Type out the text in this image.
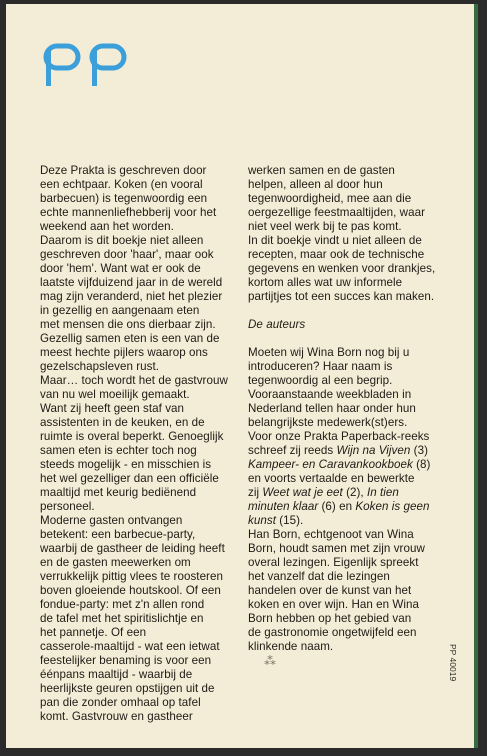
Deze Prakta is geschreven door

een echtpaar. Koken (en vooral

barbecuen) is tegenwoordig een

echte mannenliefhebberij voor het

weekend aan het worden.

Daarom is dit boekje niet alleen

geschreven door 'haar', maar ook

door 'hem'. Want wat er ook de

laatste vijfduizend jaar in de wereld

mag zijn veranderd, niet het plezier

in gezellig en aangenaam eten

met mensen die ons dierbaar zijn.

Gezellig samen eten is een van de

meest hechte pijlers waarop ons

gezelschapsleven rust.

Maar… toch wordt het de gastvrouw

van nu wel moeilijk gemaakt.

Want zij heeft geen staf van

assistenten in de keuken, en de

ruimte is overal beperkt. Genoeglijk

samen eten is echter toch nog

steeds mogelijk - en misschien is

het wel gezelliger dan een officiële

maaltijd met keurig bediënend

personeel.

Moderne gasten ontvangen

betekent: een barbecue-party,

waarbij de gastheer de leiding heeft

en de gasten meewerken om

verrukkelijk pittig vlees te roosteren

boven gloeiende houtskool. Of een

fondue-party: met z'n allen rond

de tafel met het spiritislichtje en

het pannetje. Of een

casserole-maaltijd - wat een ietwat

feestelijker benaming is voor een

éénpans maaltijd - waarbij de

heerlijkste geuren opstijgen uit de

pan die zonder omhaal op tafel

komt. Gastvrouw en gastheer

werken samen en de gasten

helpen, alleen al door hun

tegenwoordigheid, mee aan die

oergezellige feestmaaltijden, waar

niet veel werk bij te pas komt.

In dit boekje vindt u niet alleen de

recepten, maar ook de technische

gegevens en wenken voor drankjes,

kortom alles wat uw informele

partijtjes tot een succes kan maken.

De auteurs

Moeten wij Wina Born nog bij u

introduceren? Haar naam is

tegenwoordig al een begrip.

Vooraanstaande weekbladen in

Nederland tellen haar onder hun

belangrijkste medewerk(st)ers.

Voor onze Prakta Paperback-reeks

schreef zij reeds Wijn na Vijven (3)

Kampeer- en Caravankookboek (8)

en voorts vertaalde en bewerkte

zij Weet wat je eet (2), In tien

minuten klaar (6) en Koken is geen

kunst (15).

Han Born, echtgenoot van Wina

Born, houdt samen met zijn vrouw

overal lezingen. Eigenlijk spreekt

het vanzelf dat die lezingen

handelen over de kunst van het

koken en over wijn. Han en Wina

Born hebben op het gebied van

de gastronomie ongetwijfeld een

klinkende naam.

⁂	PP 40019
